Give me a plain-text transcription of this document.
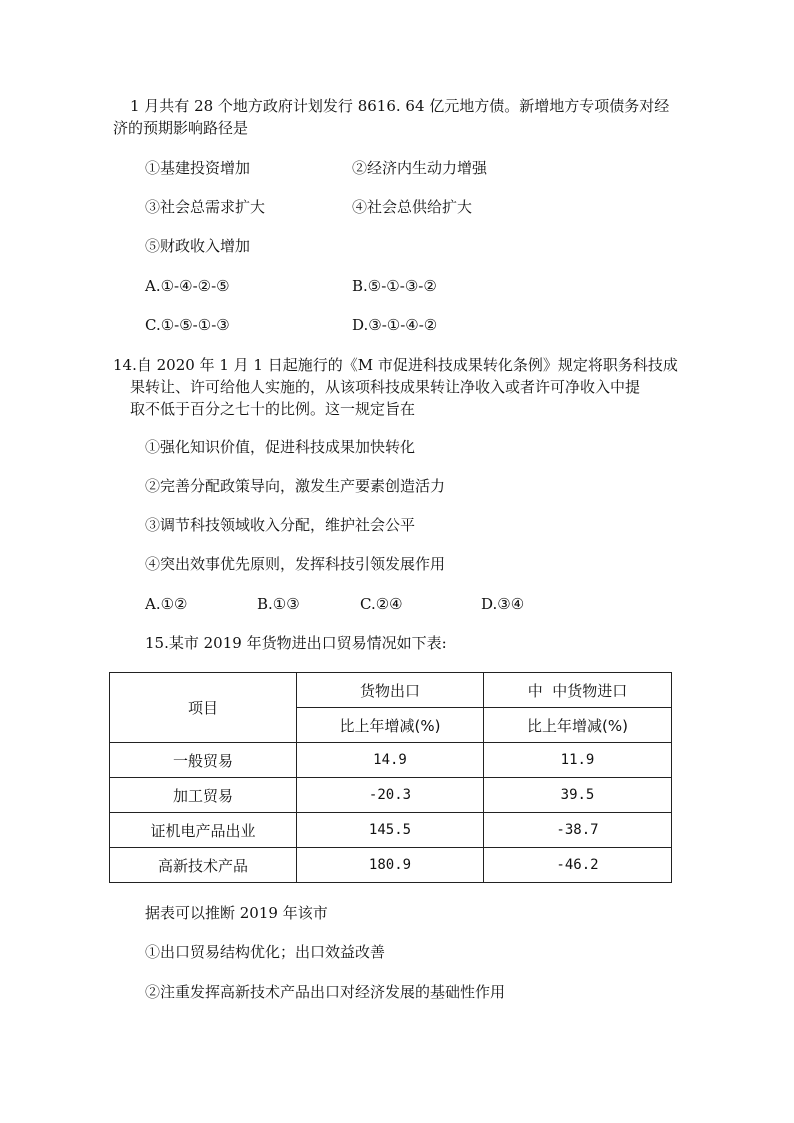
1 月共有 28 个地方政府计划发行 8616. 64 亿元地方债。新增地方专项债务对经
济的预期影响路径是
①基建投资增加	②经济内生动力增强
③社会总需求扩大	④社会总供给扩大
⑤财政收入增加
A.①-④-②-⑤	B.⑤-①-③-②
C.①-⑤-①-③	D.③-①-④-②
14.自 2020 年 1 月 1 日起施行的《M 市促进科技成果转化条例》规定将职务科技成
果转让、许可给他人实施的，从该项科技成果转让净收入或者许可净收入中提
取不低于百分之七十的比例。这一规定旨在
①强化知识价值，促进科技成果加快转化
②完善分配政策导向，激发生产要素创造活力
③调节科技领域收入分配，维护社会公平
④突出效事优先原则，发挥科技引领发展作用
A.①②	B.①③	C.②④	D.③④
15.某市 2019 年货物进出口贸易情况如下表:
项目	货物出口	中  中货物进口
	比上年增减(%)	比上年增减(%)
一般贸易	14.9	11.9
加工贸易	-20.3	39.5
证机电产品出业	145.5	-38.7
高新技术产品	180.9	-46.2
据表可以推断 2019 年该市
①出口贸易结构优化；出口效益改善
②注重发挥高新技术产品出口对经济发展的基础性作用
